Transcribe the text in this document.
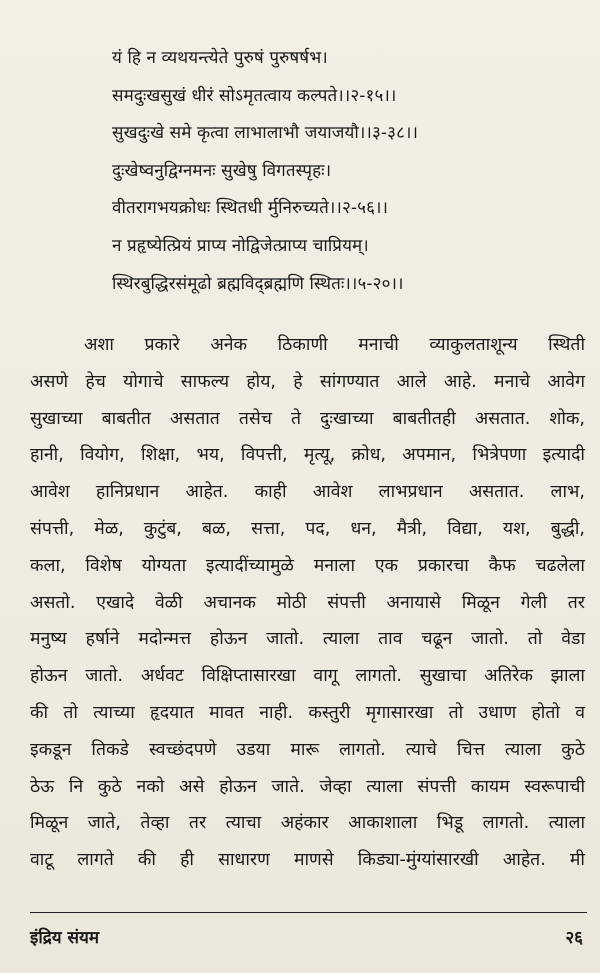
यं हि न व्यथयन्त्येते पुरुषं पुरुषर्षभ।
समदुःखसुखं धीरं सोऽमृतत्वाय कल्पते।।२-१५।।
सुखदुःखे समे कृत्वा लाभालाभौ जयाजयौ।।३-३८।।
दुःखेष्वनुद्विग्नमनः सुखेषु विगतस्पृहः।
वीतरागभयक्रोधः स्थितधी र्मुनिरुच्यते।।२-५६।।
न प्रहृष्येत्प्रियं प्राप्य नोद्विजेत्प्राप्य चाप्रियम्।
स्थिरबुद्धिरसंमूढो ब्रह्मविद्ब्रह्मणि स्थितः।।५-२०।।
अशा प्रकारे अनेक ठिकाणी मनाची व्याकुलताशून्य स्थिती
असणे हेच योगाचे साफल्य होय, हे सांगण्यात आले आहे. मनाचे आवेग
सुखाच्या बाबतीत असतात तसेच ते दुःखाच्या बाबतीतही असतात. शोक,
हानी, वियोग, शिक्षा, भय, विपत्ती, मृत्यू, क्रोध, अपमान, भित्रेपणा इत्यादी
आवेश हानिप्रधान आहेत. काही आवेश लाभप्रधान असतात. लाभ,
संपत्ती, मेळ, कुटुंब, बळ, सत्ता, पद, धन, मैत्री, विद्या, यश, बुद्धी,
कला, विशेष योग्यता इत्यादींच्यामुळे मनाला एक प्रकारचा कैफ चढलेला
असतो. एखादे वेळी अचानक मोठी संपत्ती अनायासे मिळून गेली तर
मनुष्य हर्षाने मदोन्मत्त होऊन जातो. त्याला ताव चढून जातो. तो वेडा
होऊन जातो. अर्धवट विक्षिप्तासारखा वागू लागतो. सुखाचा अतिरेक झाला
की तो त्याच्या हृदयात मावत नाही. कस्तुरी मृगासारखा तो उधाण होतो व
इकडून तिकडे स्वच्छंदपणे उडया मारू लागतो. त्याचे चित्त त्याला कुठे
ठेऊ नि कुठे नको असे होऊन जाते. जेव्हा त्याला संपत्ती कायम स्वरूपाची
मिळून जाते, तेव्हा तर त्याचा अहंकार आकाशाला भिडू लागतो. त्याला
वाटू लागते की ही साधारण माणसे किड्या-मुंग्यांसारखी आहेत. मी
इंद्रिय संयम	२६
